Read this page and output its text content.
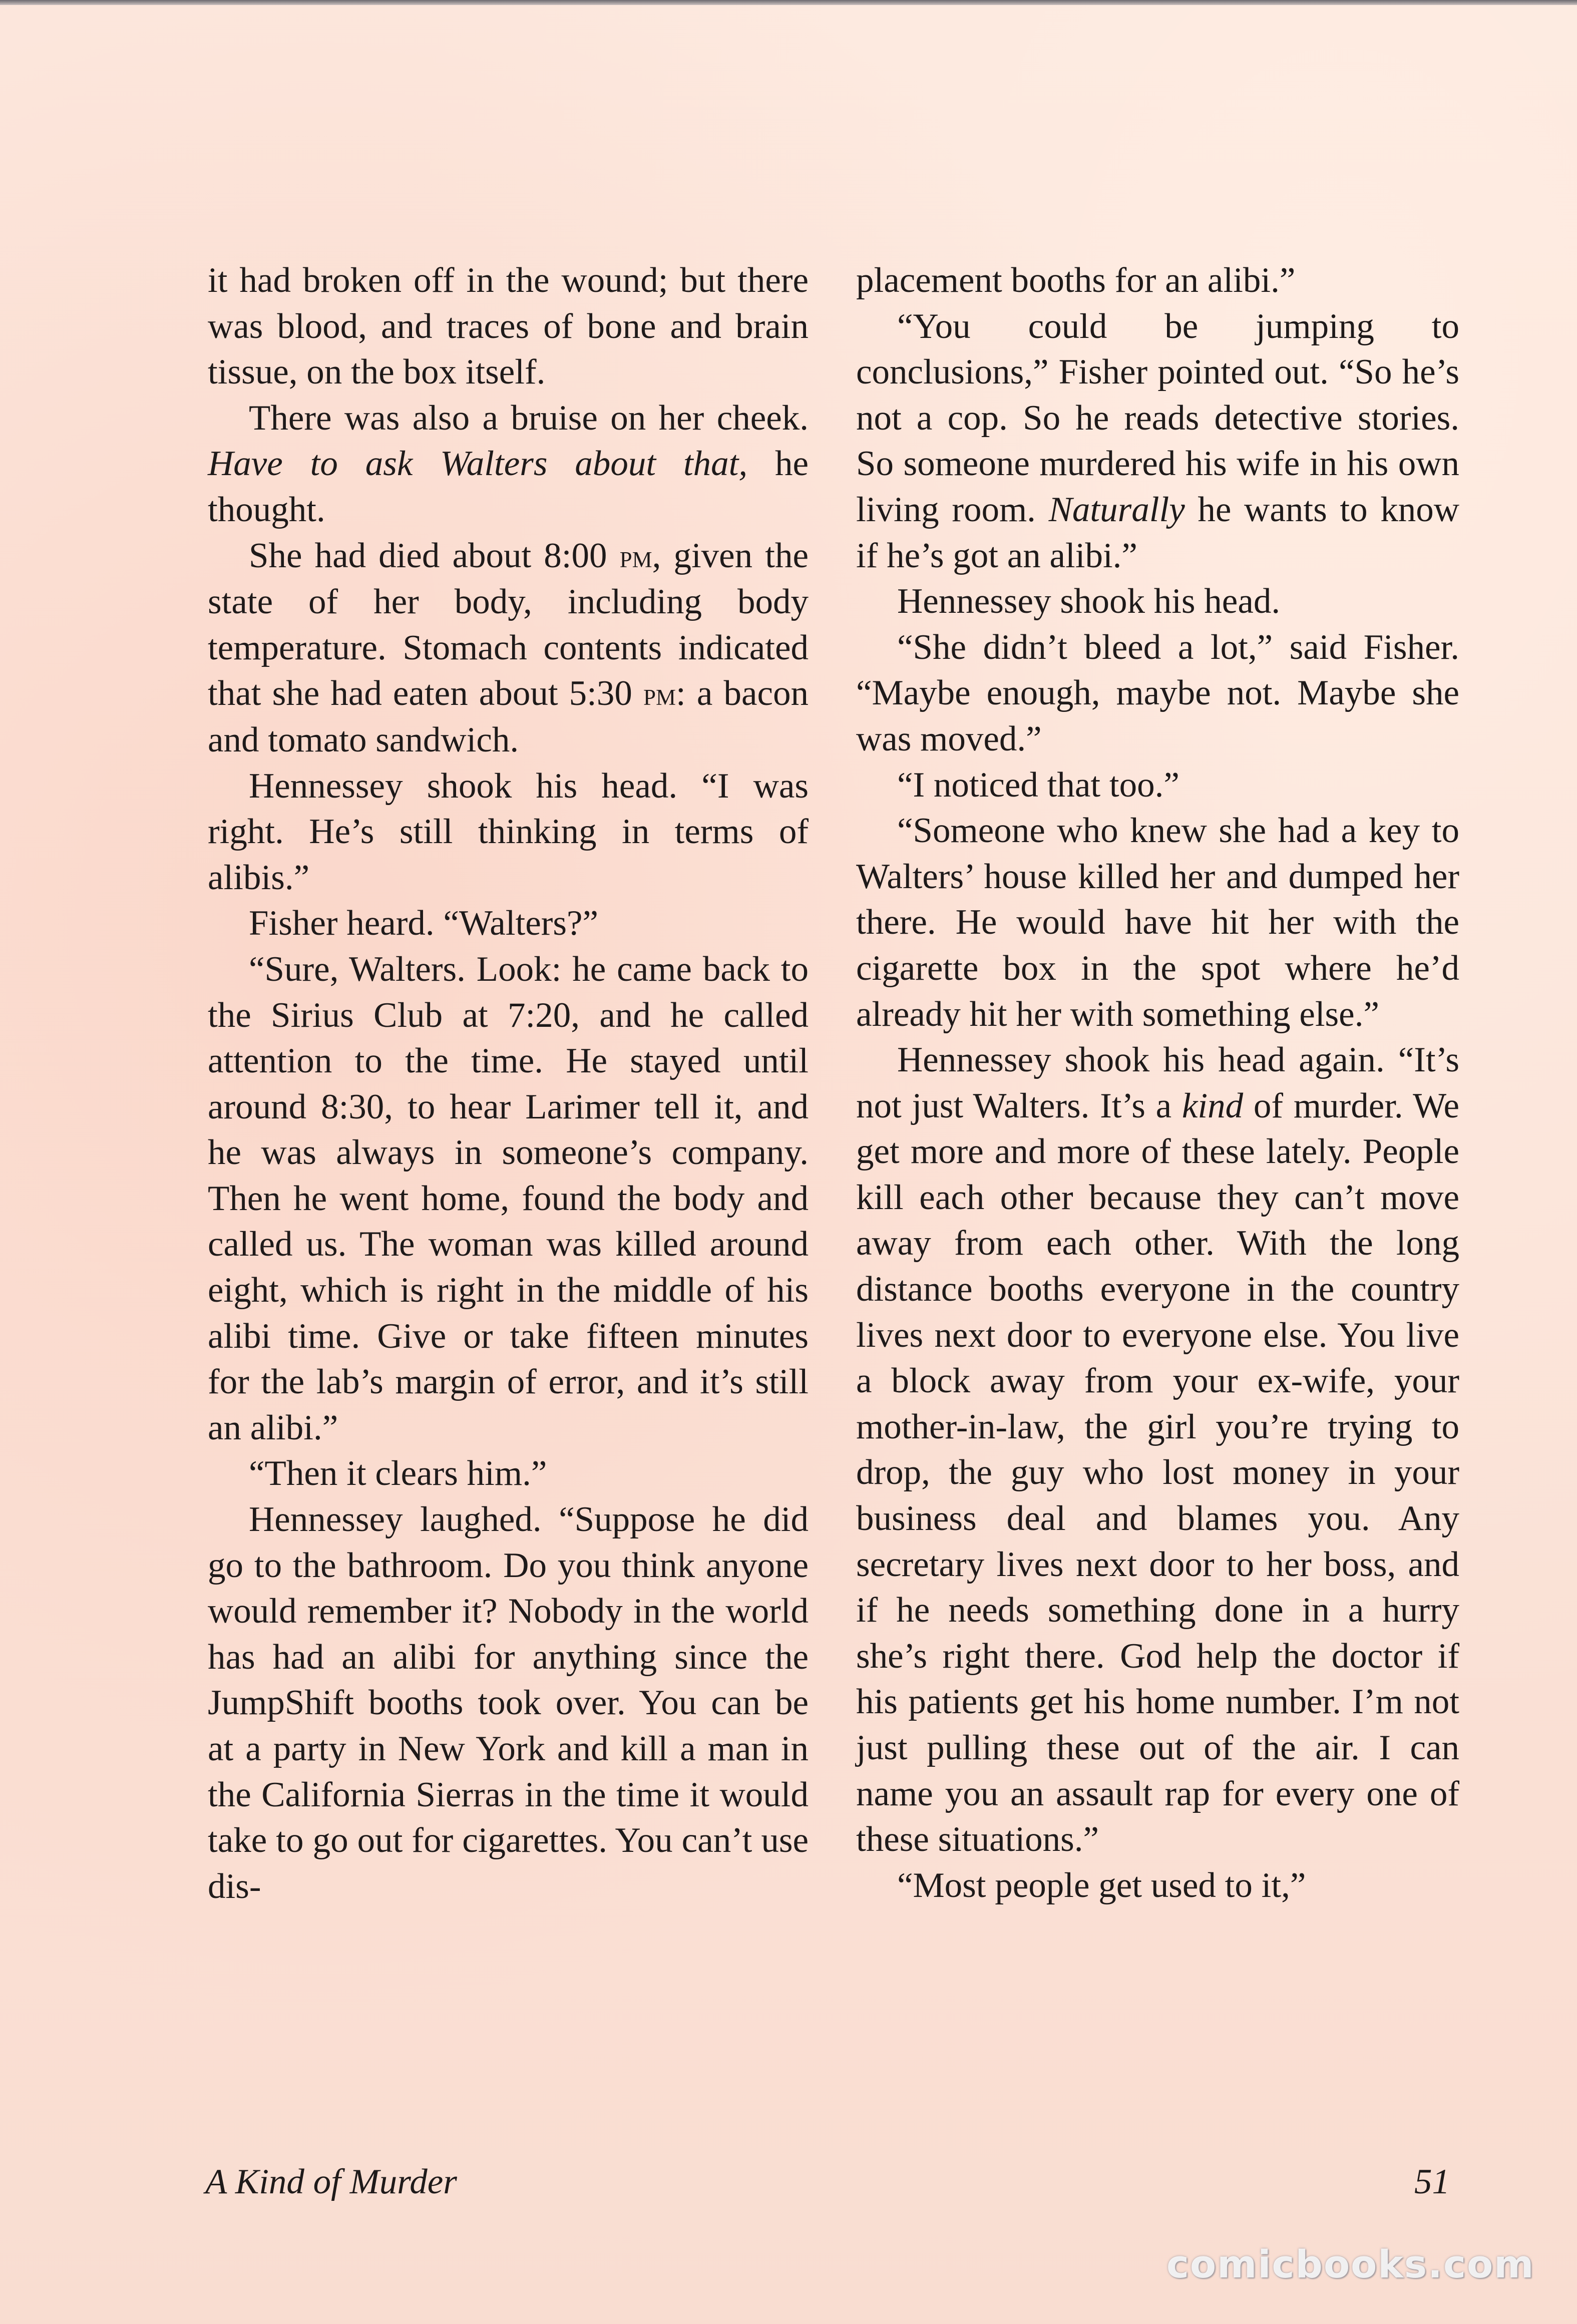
it had broken off in the wound; but there was blood, and traces of bone and brain tissue, on the box itself.

There was also a bruise on her cheek. Have to ask Walters about that, he thought.

She had died about 8:00 pm, given the state of her body, including body temperature. Stomach contents indicated that she had eaten about 5:30 pm: a bacon and tomato sandwich.

Hennessey shook his head. “I was right. He’s still thinking in terms of alibis.”

Fisher heard. “Walters?”

“Sure, Walters. Look: he came back to the Sirius Club at 7:20, and he called attention to the time. He stayed until around 8:30, to hear Larimer tell it, and he was always in someone’s company. Then he went home, found the body and called us. The woman was killed around eight, which is right in the middle of his alibi time. Give or take fifteen minutes for the lab’s margin of error, and it’s still an alibi.”

“Then it clears him.”

Hennessey laughed. “Suppose he did go to the bathroom. Do you think anyone would remember it? Nobody in the world has had an alibi for anything since the JumpShift booths took over. You can be at a party in New York and kill a man in the California Sierras in the time it would take to go out for cigarettes. You can’t use dis-

placement booths for an alibi.”

“You could be jumping to conclusions,” Fisher pointed out. “So he’s not a cop. So he reads detective stories. So someone murdered his wife in his own living room. Naturally he wants to know if he’s got an alibi.”

Hennessey shook his head.

“She didn’t bleed a lot,” said Fisher. “Maybe enough, maybe not. Maybe she was moved.”

“I noticed that too.”

“Someone who knew she had a key to Walters’ house killed her and dumped her there. He would have hit her with the cigarette box in the spot where he’d already hit her with something else.”

Hennessey shook his head again. “It’s not just Walters. It’s a kind of murder. We get more and more of these lately. People kill each other because they can’t move away from each other. With the long distance booths everyone in the country lives next door to everyone else. You live a block away from your ex-wife, your mother-in-law, the girl you’re trying to drop, the guy who lost money in your business deal and blames you. Any secretary lives next door to her boss, and if he needs something done in a hurry she’s right there. God help the doctor if his patients get his home number. I’m not just pulling these out of the air. I can name you an assault rap for every one of these situations.”

“Most people get used to it,”

A Kind of Murder	51
comicbooks.com
